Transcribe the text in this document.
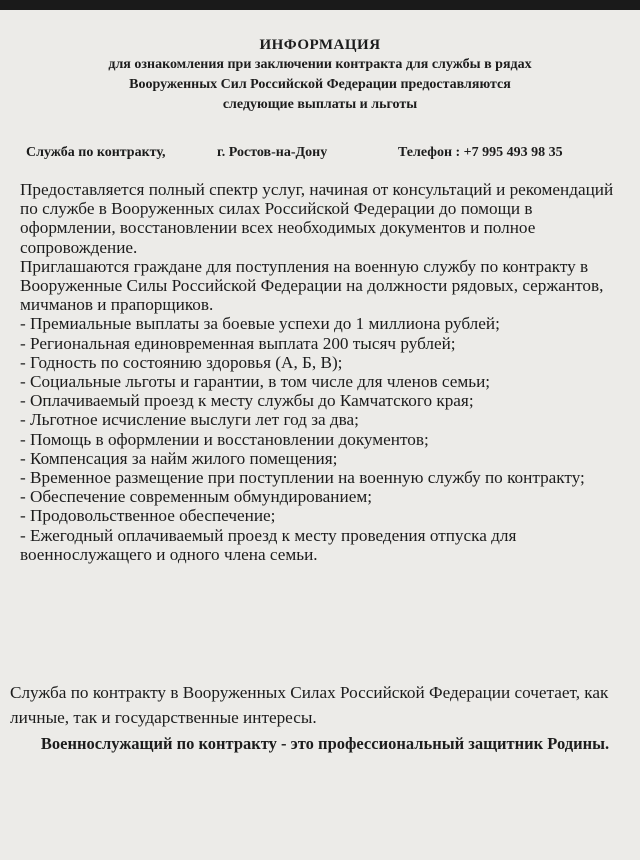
ИНФОРМАЦИЯ
для ознакомления при заключении контракта для службы в рядах
Вооруженных Сил Российской Федерации предоставляются
следующие выплаты и льготы
Служба по контракту,	г. Ростов-на-Дону	Телефон : +7 995 493 98 35

Предоставляется полный спектр услуг, начиная от консультаций и рекомендаций по службе в Вооруженных силах Российской Федерации до помощи в оформлении, восстановлении всех необходимых документов и полное сопровождение.

Приглашаются граждане для поступления на военную службу по контракту в Вооруженные Силы Российской Федерации на должности рядовых, сержантов, мичманов и прапорщиков.

- Премиальные выплаты за боевые успехи до 1 миллиона рублей;
- Региональная единовременная выплата 200 тысяч рублей;
- Годность по состоянию здоровья (А, Б, В);
- Социальные льготы и гарантии, в том числе для членов семьи;
- Оплачиваемый проезд к месту службы до Камчатского края;
- Льготное исчисление выслуги лет год за два;
- Помощь в оформлении и восстановлении документов;
- Компенсация за найм жилого помещения;
- Временное размещение при поступлении на военную службу по контракту;
- Обеспечение современным обмундированием;
- Продовольственное обеспечение;
- Ежегодный оплачиваемый проезд к месту проведения отпуска для военнослужащего и одного члена семьи.

Служба по контракту в Вооруженных Силах Российской Федерации сочетает, как личные, так и государственные интересы.

Военнослужащий по контракту - это профессиональный защитник Родины.
